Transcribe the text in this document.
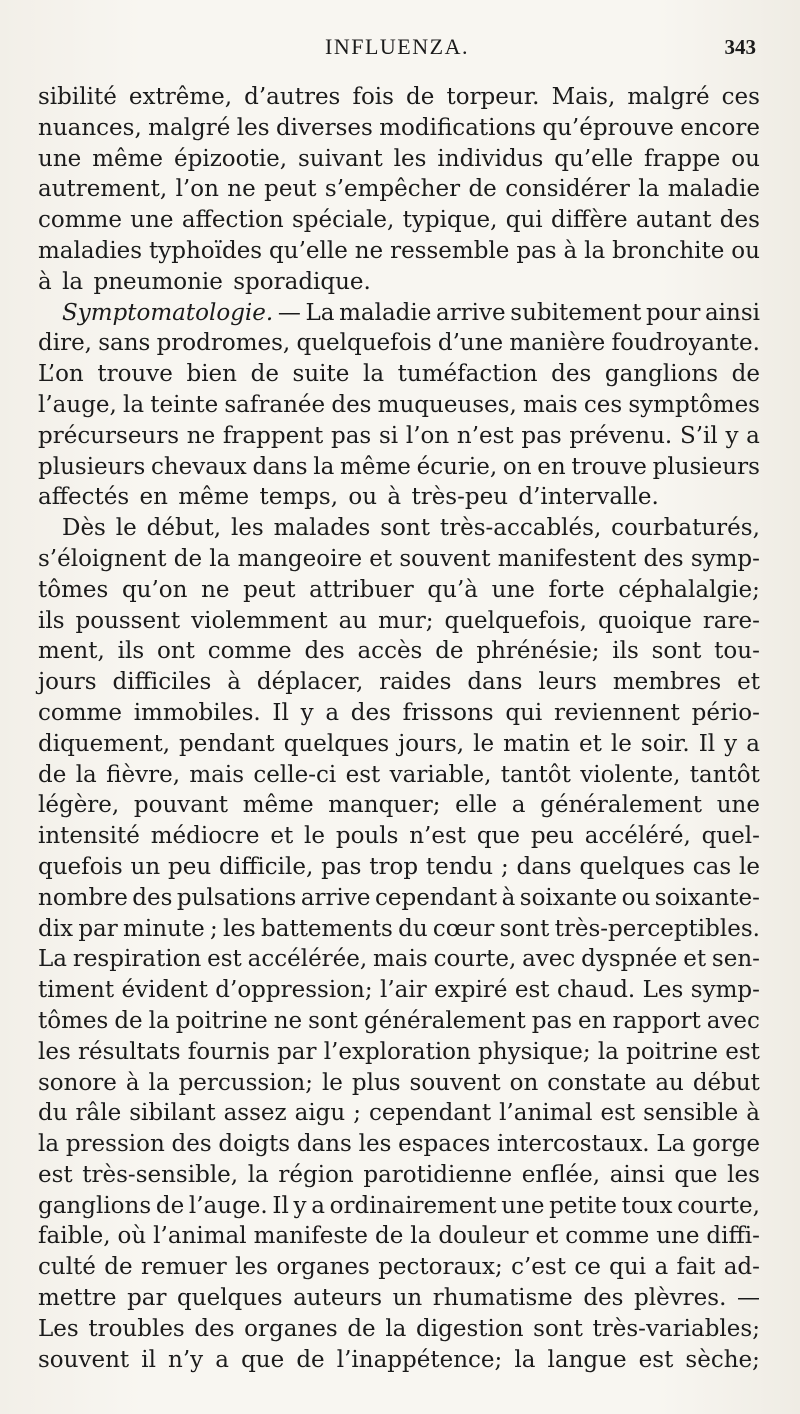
INFLUENZA.	343
sibilité extrême, d’autres fois de torpeur. Mais, malgré ces
nuances, malgré les diverses modifications qu’éprouve encore
une même épizootie, suivant les individus qu’elle frappe ou
autrement, l’on ne peut s’empêcher de considérer la maladie
comme une affection spéciale, typique, qui diffère autant des
maladies typhoïdes qu’elle ne ressemble pas à la bronchite ou
à la pneumonie sporadique.
Symptomatologie. — La maladie arrive subitement pour ainsi
dire, sans prodromes, quelquefois d’une manière foudroyante.
L’on trouve bien de suite la tuméfaction des ganglions de
l’auge, la teinte safranée des muqueuses, mais ces symptômes
précurseurs ne frappent pas si l’on n’est pas prévenu. S’il y a
plusieurs chevaux dans la même écurie, on en trouve plusieurs
affectés en même temps, ou à très-peu d’intervalle.
Dès le début, les malades sont très-accablés, courbaturés,
s’éloignent de la mangeoire et souvent manifestent des symp-
tômes qu’on ne peut attribuer qu’à une forte céphalalgie;
ils poussent violemment au mur; quelquefois, quoique rare-
ment, ils ont comme des accès de phrénésie; ils sont tou-
jours difficiles à déplacer, raides dans leurs membres et
comme immobiles. Il y a des frissons qui reviennent pério-
diquement, pendant quelques jours, le matin et le soir. Il y a
de la fièvre, mais celle-ci est variable, tantôt violente, tantôt
légère, pouvant même manquer; elle a généralement une
intensité médiocre et le pouls n’est que peu accéléré, quel-
quefois un peu difficile, pas trop tendu ; dans quelques cas le
nombre des pulsations arrive cependant à soixante ou soixante-
dix par minute ; les battements du cœur sont très-perceptibles.
La respiration est accélérée, mais courte, avec dyspnée et sen-
timent évident d’oppression; l’air expiré est chaud. Les symp-
tômes de la poitrine ne sont généralement pas en rapport avec
les résultats fournis par l’exploration physique; la poitrine est
sonore à la percussion; le plus souvent on constate au début
du râle sibilant assez aigu ; cependant l’animal est sensible à
la pression des doigts dans les espaces intercostaux. La gorge
est très-sensible, la région parotidienne enflée, ainsi que les
ganglions de l’auge. Il y a ordinairement une petite toux courte,
faible, où l’animal manifeste de la douleur et comme une diffi-
culté de remuer les organes pectoraux; c’est ce qui a fait ad-
mettre par quelques auteurs un rhumatisme des plèvres. —
Les troubles des organes de la digestion sont très-variables;
souvent il n’y a que de l’inappétence; la langue est sèche;
